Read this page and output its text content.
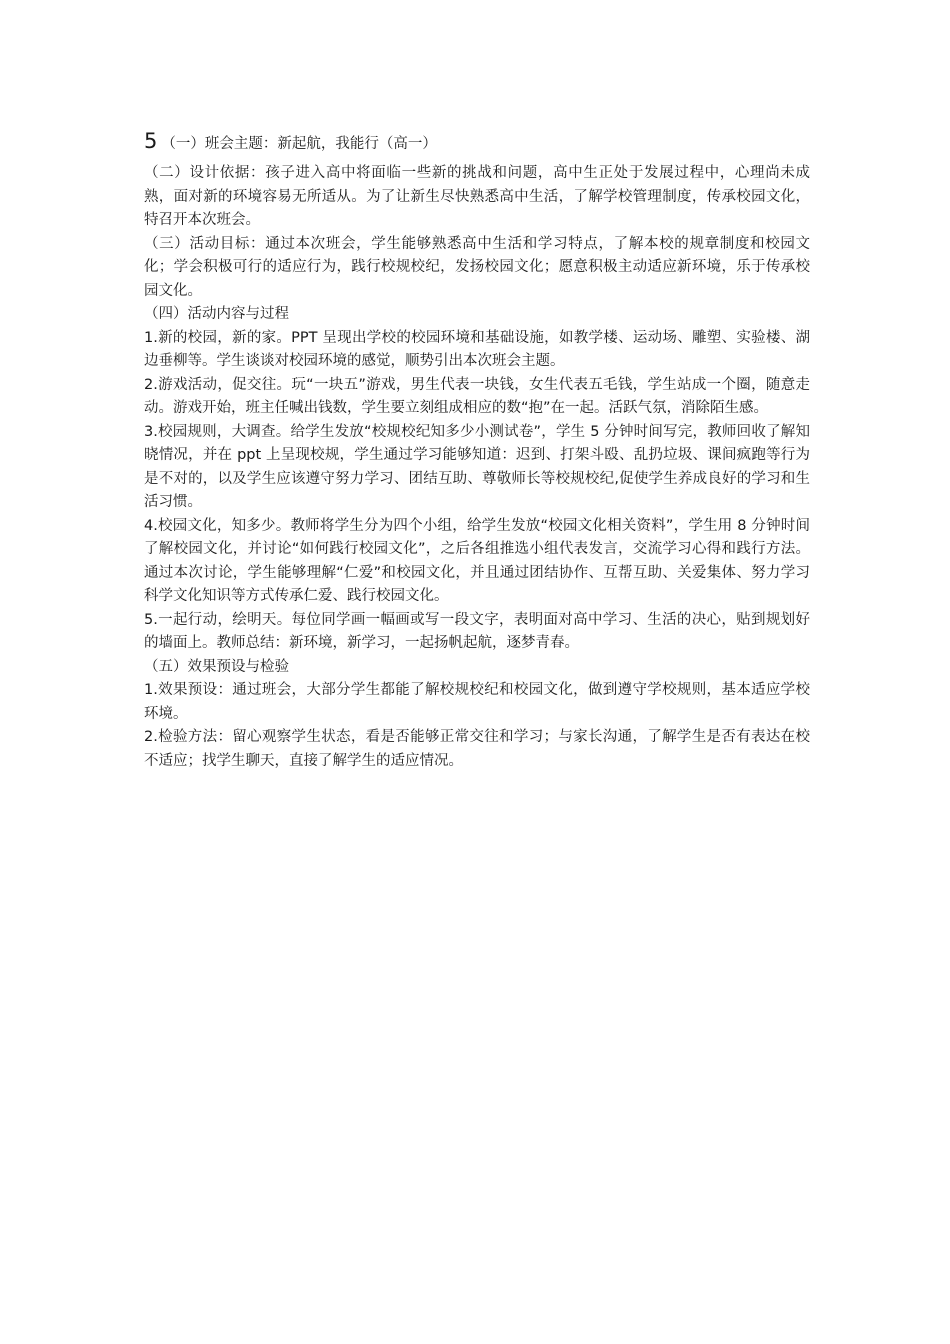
5 （一）班会主题：新起航，我能行（高一）

（二）设计依据：孩子进入高中将面临一些新的挑战和问题，高中生正处于发展过程中，心理尚未成熟，面对新的环境容易无所适从。为了让新生尽快熟悉高中生活，了解学校管理制度，传承校园文化，特召开本次班会。

（三）活动目标：通过本次班会，学生能够熟悉高中生活和学习特点，了解本校的规章制度和校园文化；学会积极可行的适应行为，践行校规校纪，发扬校园文化；愿意积极主动适应新环境，乐于传承校园文化。

（四）活动内容与过程

1.新的校园，新的家。PPT 呈现出学校的校园环境和基础设施，如教学楼、运动场、雕塑、实验楼、湖边垂柳等。学生谈谈对校园环境的感觉，顺势引出本次班会主题。

2.游戏活动，促交往。玩“一块五”游戏，男生代表一块钱，女生代表五毛钱，学生站成一个圈，随意走动。游戏开始，班主任喊出钱数，学生要立刻组成相应的数“抱”在一起。活跃气氛，消除陌生感。

3.校园规则，大调查。给学生发放“校规校纪知多少小测试卷”，学生 5 分钟时间写完，教师回收了解知晓情况，并在 ppt 上呈现校规，学生通过学习能够知道：迟到、打架斗殴、乱扔垃圾、课间疯跑等行为是不对的，以及学生应该遵守努力学习、团结互助、尊敬师长等校规校纪,促使学生养成良好的学习和生活习惯。

4.校园文化，知多少。教师将学生分为四个小组，给学生发放“校园文化相关资料”，学生用 8 分钟时间了解校园文化，并讨论“如何践行校园文化”，之后各组推选小组代表发言，交流学习心得和践行方法。通过本次讨论，学生能够理解“仁爱”和校园文化，并且通过团结协作、互帮互助、关爱集体、努力学习科学文化知识等方式传承仁爱、践行校园文化。

5.一起行动，绘明天。每位同学画一幅画或写一段文字，表明面对高中学习、生活的决心，贴到规划好的墙面上。教师总结：新环境，新学习，一起扬帆起航，逐梦青春。

（五）效果预设与检验

1.效果预设：通过班会，大部分学生都能了解校规校纪和校园文化，做到遵守学校规则，基本适应学校环境。

2.检验方法：留心观察学生状态，看是否能够正常交往和学习；与家长沟通，了解学生是否有表达在校不适应；找学生聊天，直接了解学生的适应情况。
